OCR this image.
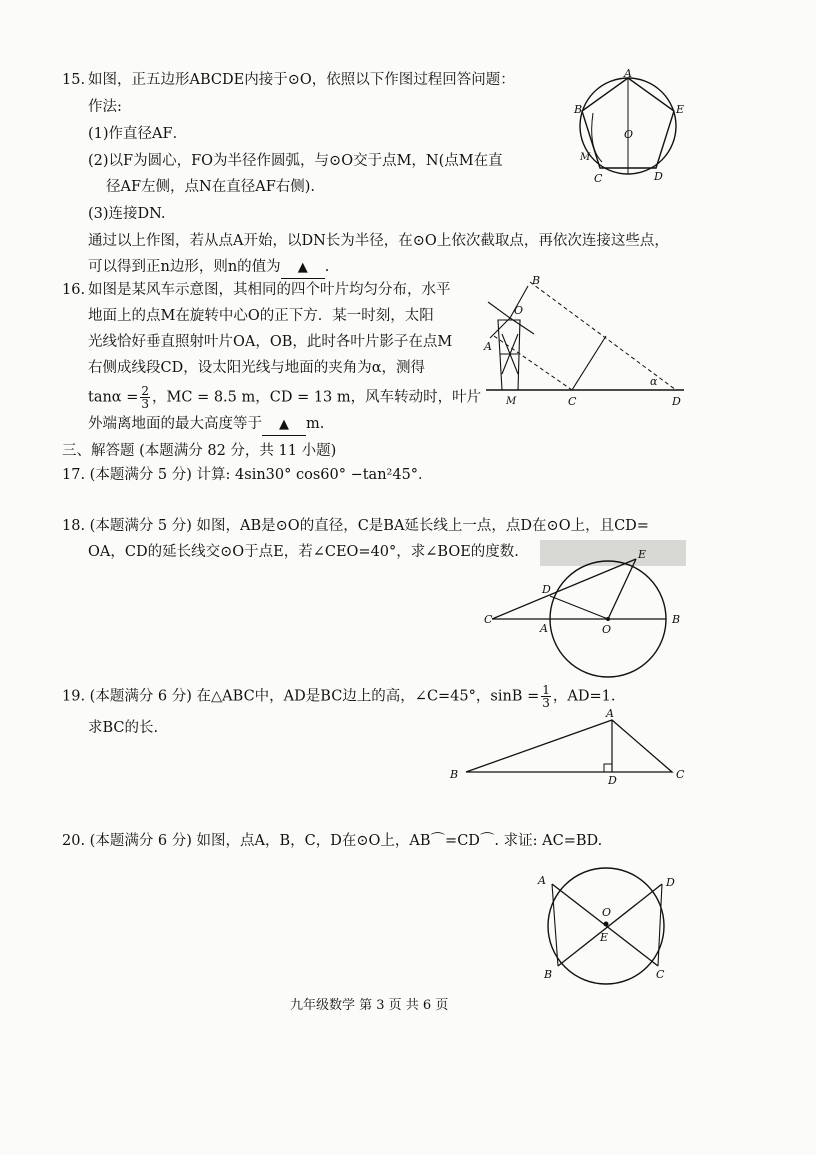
15. 如图，正五边形ABCDE内接于⊙O，依照以下作图过程回答问题：
作法:
(1)作直径AF．
(2)以F为圆心，FO为半径作圆弧，与⊙O交于点M，N(点M在直
径AF左侧，点N在直径AF右侧).
(3)连接DN.
通过以上作图，若从点A开始，以DN长为半径，在⊙O上依次截取点，再依次连接这些点，
可以得到正n边形，则n的值为 ▲ .
A
B
C	D
E
O
M
16. 如图是某风车示意图，其相同的四个叶片均匀分布，水平
地面上的点M在旋转中心O的正下方．某一时刻，太阳
光线恰好垂直照射叶片OA，OB，此时各叶片影子在点M
右侧成线段CD，设太阳光线与地面的夹角为α，测得
$\tan\alpha = \frac{2}{3}$ ，MC = 8.5 m，CD = 13 m，风车转动时，叶片
外端离地面的最大高度等于 ▲ m.
B
O
A
M	C	D
α
三、解答题 (本题满分 82 分，共 11 小题)
17. (本题满分 5 分) 计算: 4sin30° cos60° −tan²45°．
18. (本题满分 5 分) 如图，AB是⊙O的直径，C是BA延长线上一点，点D在⊙O上，且CD=
OA，CD的延长线交⊙O于点E，若∠CEO=40°，求∠BOE的度数.	E
D
C
A	O
B
19. (本题满分 6 分) 在△ABC中，AD是BC边上的高，∠C=45°，$\sin B = \frac{1}{3}$ ，AD=1.
求BC的长.
A
B	D	C
20. (本题满分 6 分) 如图，点A，B，C，D在⊙O上，AB⌒=CD⌒. 求证: AC=BD.
A	D
O
E
B	C
九年级数学 第 3 页 共 6 页
